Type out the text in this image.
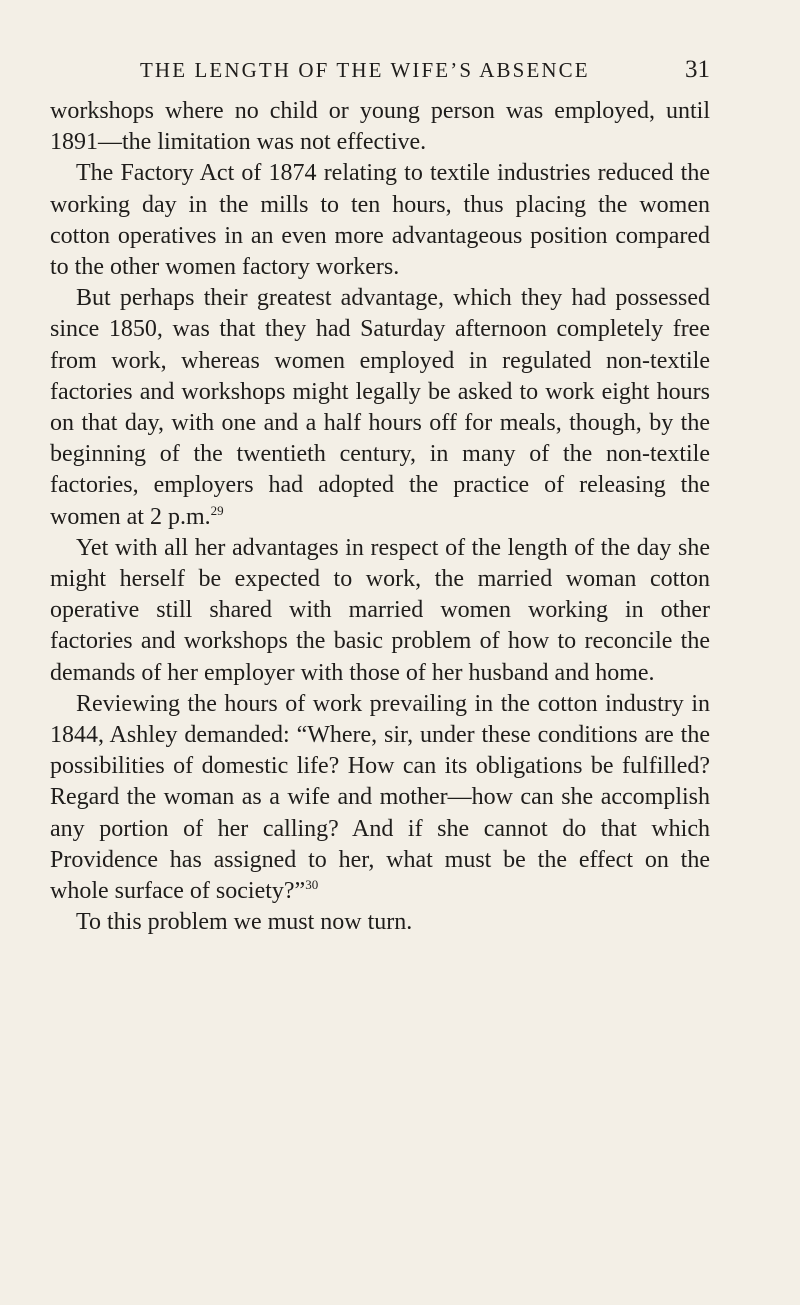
THE LENGTH OF THE WIFE’S ABSENCE	31

workshops where no child or young person was employed, until 1891—the limitation was not effective.

The Factory Act of 1874 relating to textile industries reduced the working day in the mills to ten hours, thus placing the women cotton operatives in an even more advantageous position compared to the other women factory workers.

But perhaps their greatest advantage, which they had possessed since 1850, was that they had Saturday afternoon completely free from work, whereas women employed in regulated non-textile factories and workshops might legally be asked to work eight hours on that day, with one and a half hours off for meals, though, by the beginning of the twentieth century, in many of the non-textile factories, employers had adopted the practice of releasing the women at 2 p.m.$^{29}$

Yet with all her advantages in respect of the length of the day she might herself be expected to work, the married woman cotton operative still shared with married women working in other factories and workshops the basic problem of how to reconcile the demands of her employer with those of her husband and home.

Reviewing the hours of work prevailing in the cotton industry in 1844, Ashley demanded: “Where, sir, under these conditions are the possibilities of domestic life? How can its obligations be fulfilled? Regard the woman as a wife and mother—how can she accomplish any portion of her calling? And if she cannot do that which Providence has assigned to her, what must be the effect on the whole surface of society?”$^{30}$

To this problem we must now turn.
